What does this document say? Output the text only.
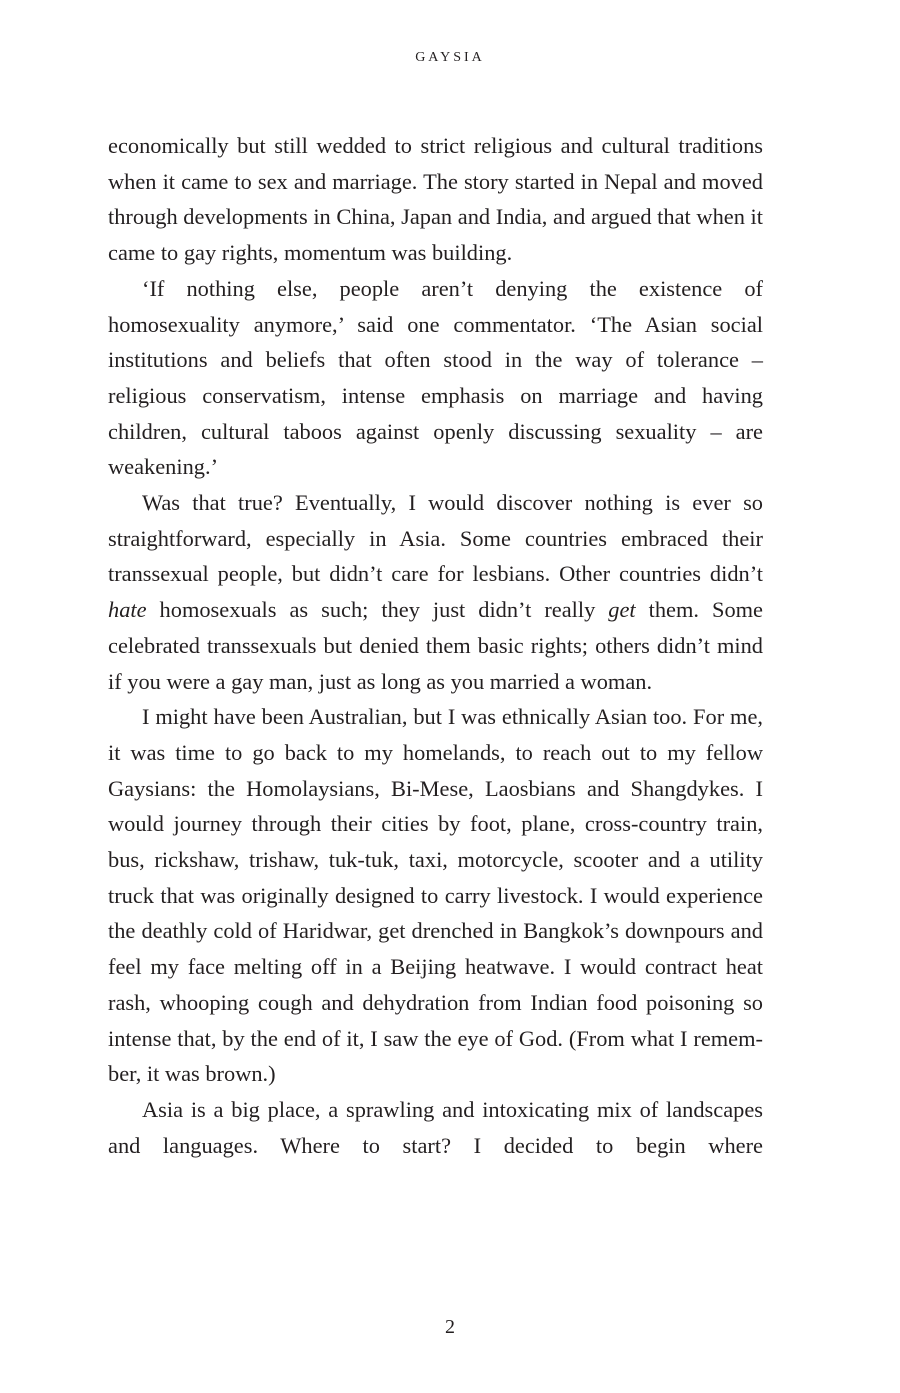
GAYSIA

economically but still wedded to strict religious and cultural traditions when it came to sex and marriage. The story started in Nepal and moved through developments in China, Japan and India, and argued that when it came to gay rights, momentum was building.

‘If nothing else, people aren’t denying the existence of homosexuality anymore,’ said one commentator. ‘The Asian social institutions and beliefs that often stood in the way of tolerance – religious conservatism, intense emphasis on marriage and having children, cultural taboos against openly discussing sexuality – are weakening.’

Was that true? Eventually, I would discover nothing is ever so straightforward, especially in Asia. Some countries embraced their transsexual people, but didn’t care for lesbians. Other countries didn’t hate homosexuals as such; they just didn’t really get them. Some celebrated transsexuals but denied them basic rights; others didn’t mind if you were a gay man, just as long as you married a woman.

I might have been Australian, but I was ethnically Asian too. For me, it was time to go back to my homelands, to reach out to my fellow Gaysians: the Homolaysians, Bi-Mese, Laosbians and Shangdykes. I would journey through their cities by foot, plane, cross-country train, bus, rickshaw, trishaw, tuk-tuk, taxi, motorcycle, scooter and a utility truck that was originally designed to carry livestock. I would experience the deathly cold of Haridwar, get drenched in Bangkok’s downpours and feel my face melting off in a Beijing heatwave. I would contract heat rash, whooping cough and dehydration from Indian food poisoning so intense that, by the end of it, I saw the eye of God. (From what I remember, it was brown.)

Asia is a big place, a sprawling and intoxicating mix of landscapes and languages. Where to start? I decided to begin where

2
